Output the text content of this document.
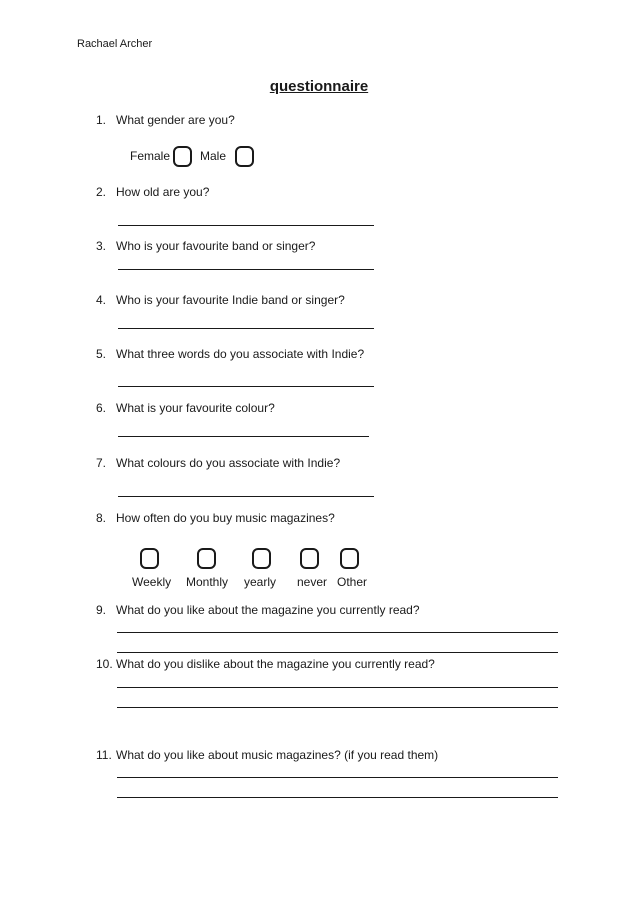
Rachael Archer
questionnaire
1. What gender are you?
Female Male
2. How old are you?
3. Who is your favourite band or singer?
4. Who is your favourite Indie band or singer?
5. What three words do you associate with Indie?
6. What is your favourite colour?
7. What colours do you associate with Indie?
8. How often do you buy music magazines?
Weekly Monthly yearly never Other
9. What do you like about the magazine you currently read?
10. What do you dislike about the magazine you currently read?
11. What do you like about music magazines? (if you read them)
